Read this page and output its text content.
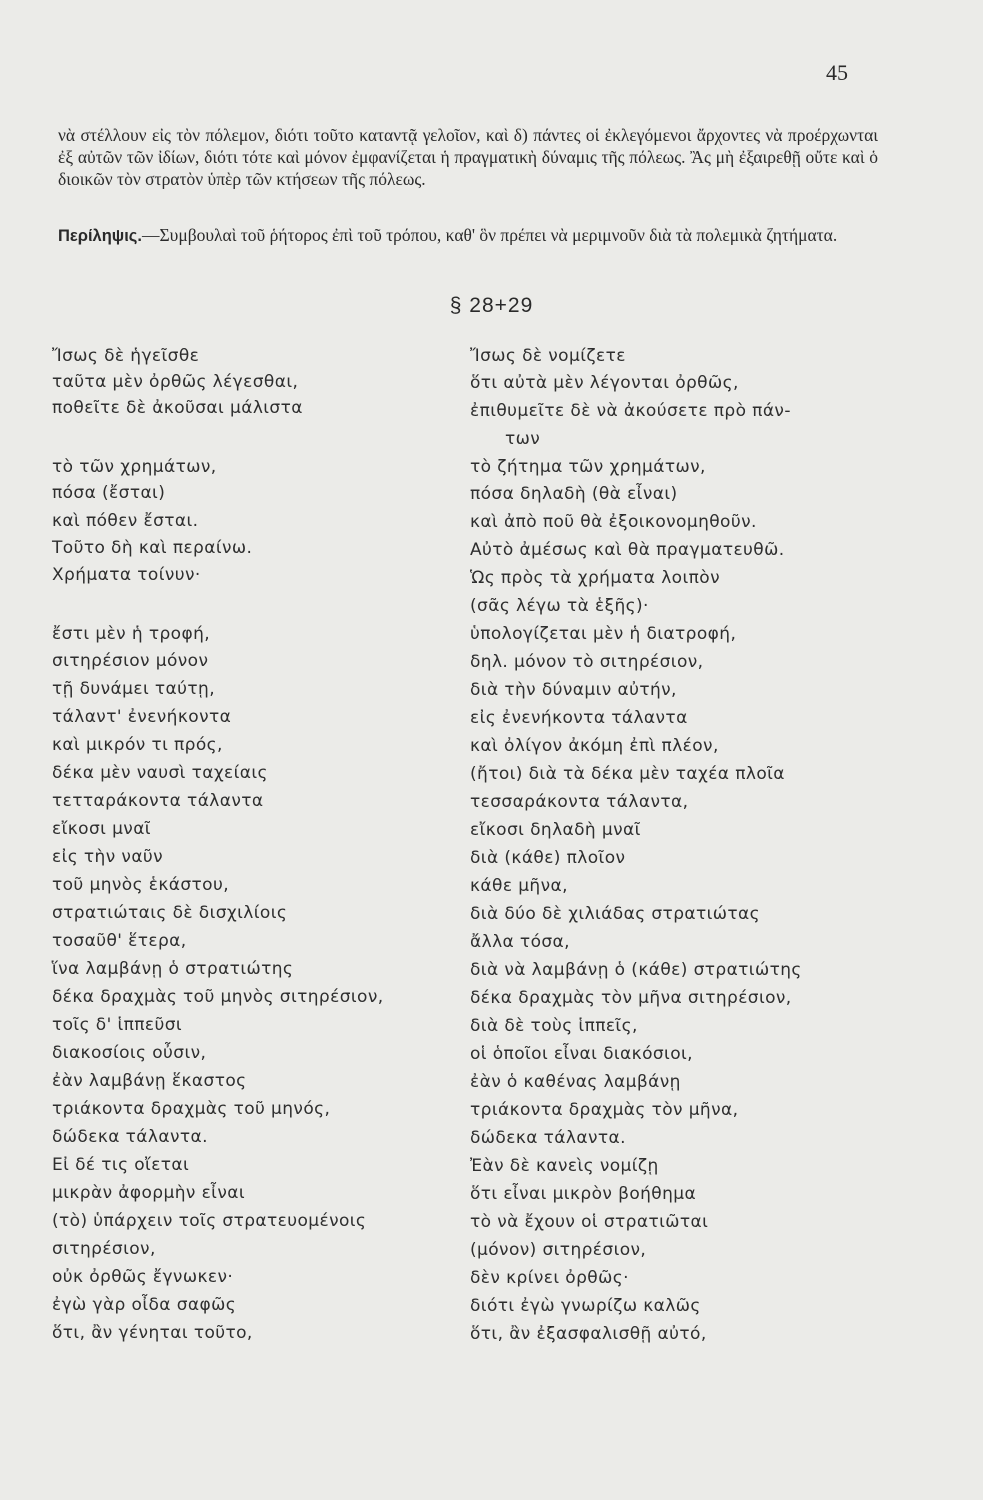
45

νὰ στέλλουν εἰς τὸν πόλεμον, διότι τοῦτο καταντᾷ γελοῖον, καὶ δ) πάντες οἱ ἐκλεγόμενοι ἄρχοντες νὰ προέρχωνται ἐξ αὐτῶν τῶν ἰδίων, διότι τότε καὶ μόνον ἐμφανίζεται ἡ πραγματικὴ δύναμις τῆς πόλεως. Ἂς μὴ ἐξαιρεθῇ οὔτε καὶ ὁ διοικῶν τὸν στρατὸν ὑπὲρ τῶν κτήσεων τῆς πόλεως.

Περίληψις.—Συμβουλαὶ τοῦ ῥήτορος ἐπὶ τοῦ τρόπου, καθ' ὃν πρέπει νὰ μεριμνοῦν διὰ τὰ πολεμικὰ ζητήματα.
§ 28+29
Ἴσως δὲ ἡγεῖσθε
ταῦτα μὲν ὀρθῶς λέγεσθαι,
ποθεῖτε δὲ ἀκοῦσαι μάλιστα
τὸ τῶν χρημάτων,
πόσα (ἔσται)
καὶ πόθεν ἔσται.
Τοῦτο δὴ καὶ περαίνω.
Χρήματα τοίνυν·
ἔστι μὲν ἡ τροφή,
σιτηρέσιον μόνον
τῇ δυνάμει ταύτῃ,
τάλαντ' ἐνενήκοντα
καὶ μικρόν τι πρός,
δέκα μὲν ναυσὶ ταχείαις
τετταράκοντα τάλαντα
εἴκοσι μναῖ
εἰς τὴν ναῦν
τοῦ μηνὸς ἑκάστου,
στρατιώταις δὲ δισχιλίοις
τοσαῦθ' ἕτερα,
ἵνα λαμβάνῃ ὁ στρατιώτης
δέκα δραχμὰς τοῦ μηνὸς σιτηρέσιον,
τοῖς δ' ἱππεῦσι
διακοσίοις οὖσιν,
ἐὰν λαμβάνῃ ἕκαστος
τριάκοντα δραχμὰς τοῦ μηνός,
δώδεκα τάλαντα.
Εἰ δέ τις οἴεται
μικρὰν ἀφορμὴν εἶναι
(τὸ) ὑπάρχειν τοῖς στρατευομένοις
σιτηρέσιον,
οὐκ ὀρθῶς ἔγνωκεν·
ἐγὼ γὰρ οἶδα σαφῶς
ὅτι, ἂν γένηται τοῦτο,
Ἴσως δὲ νομίζετε
ὅτι αὐτὰ μὲν λέγονται ὀρθῶς,
ἐπιθυμεῖτε δὲ νὰ ἀκούσετε πρὸ πάν-
των
τὸ ζήτημα τῶν χρημάτων,
πόσα δηλαδὴ (θὰ εἶναι)
καὶ ἀπὸ ποῦ θὰ ἐξοικονομηθοῦν.
Αὐτὸ ἀμέσως καὶ θὰ πραγματευθῶ.
Ὡς πρὸς τὰ χρήματα λοιπὸν
(σᾶς λέγω τὰ ἑξῆς)·
ὑπολογίζεται μὲν ἡ διατροφή,
δηλ. μόνον τὸ σιτηρέσιον,
διὰ τὴν δύναμιν αὐτήν,
εἰς ἐνενήκοντα τάλαντα
καὶ ὀλίγον ἀκόμη ἐπὶ πλέον,
(ἤτοι) διὰ τὰ δέκα μὲν ταχέα πλοῖα
τεσσαράκοντα τάλαντα,
εἴκοσι δηλαδὴ μναῖ
διὰ (κάθε) πλοῖον
κάθε μῆνα,
διὰ δύο δὲ χιλιάδας στρατιώτας
ἄλλα τόσα,
διὰ νὰ λαμβάνῃ ὁ (κάθε) στρατιώτης
δέκα δραχμὰς τὸν μῆνα σιτηρέσιον,
διὰ δὲ τοὺς ἱππεῖς,
οἱ ὁποῖοι εἶναι διακόσιοι,
ἐὰν ὁ καθένας λαμβάνῃ
τριάκοντα δραχμὰς τὸν μῆνα,
δώδεκα τάλαντα.
Ἐὰν δὲ κανεὶς νομίζῃ
ὅτι εἶναι μικρὸν βοήθημα
τὸ νὰ ἔχουν οἱ στρατιῶται
(μόνον) σιτηρέσιον,
δὲν κρίνει ὀρθῶς·
διότι ἐγὼ γνωρίζω καλῶς
ὅτι, ἂν ἐξασφαλισθῇ αὐτό,
